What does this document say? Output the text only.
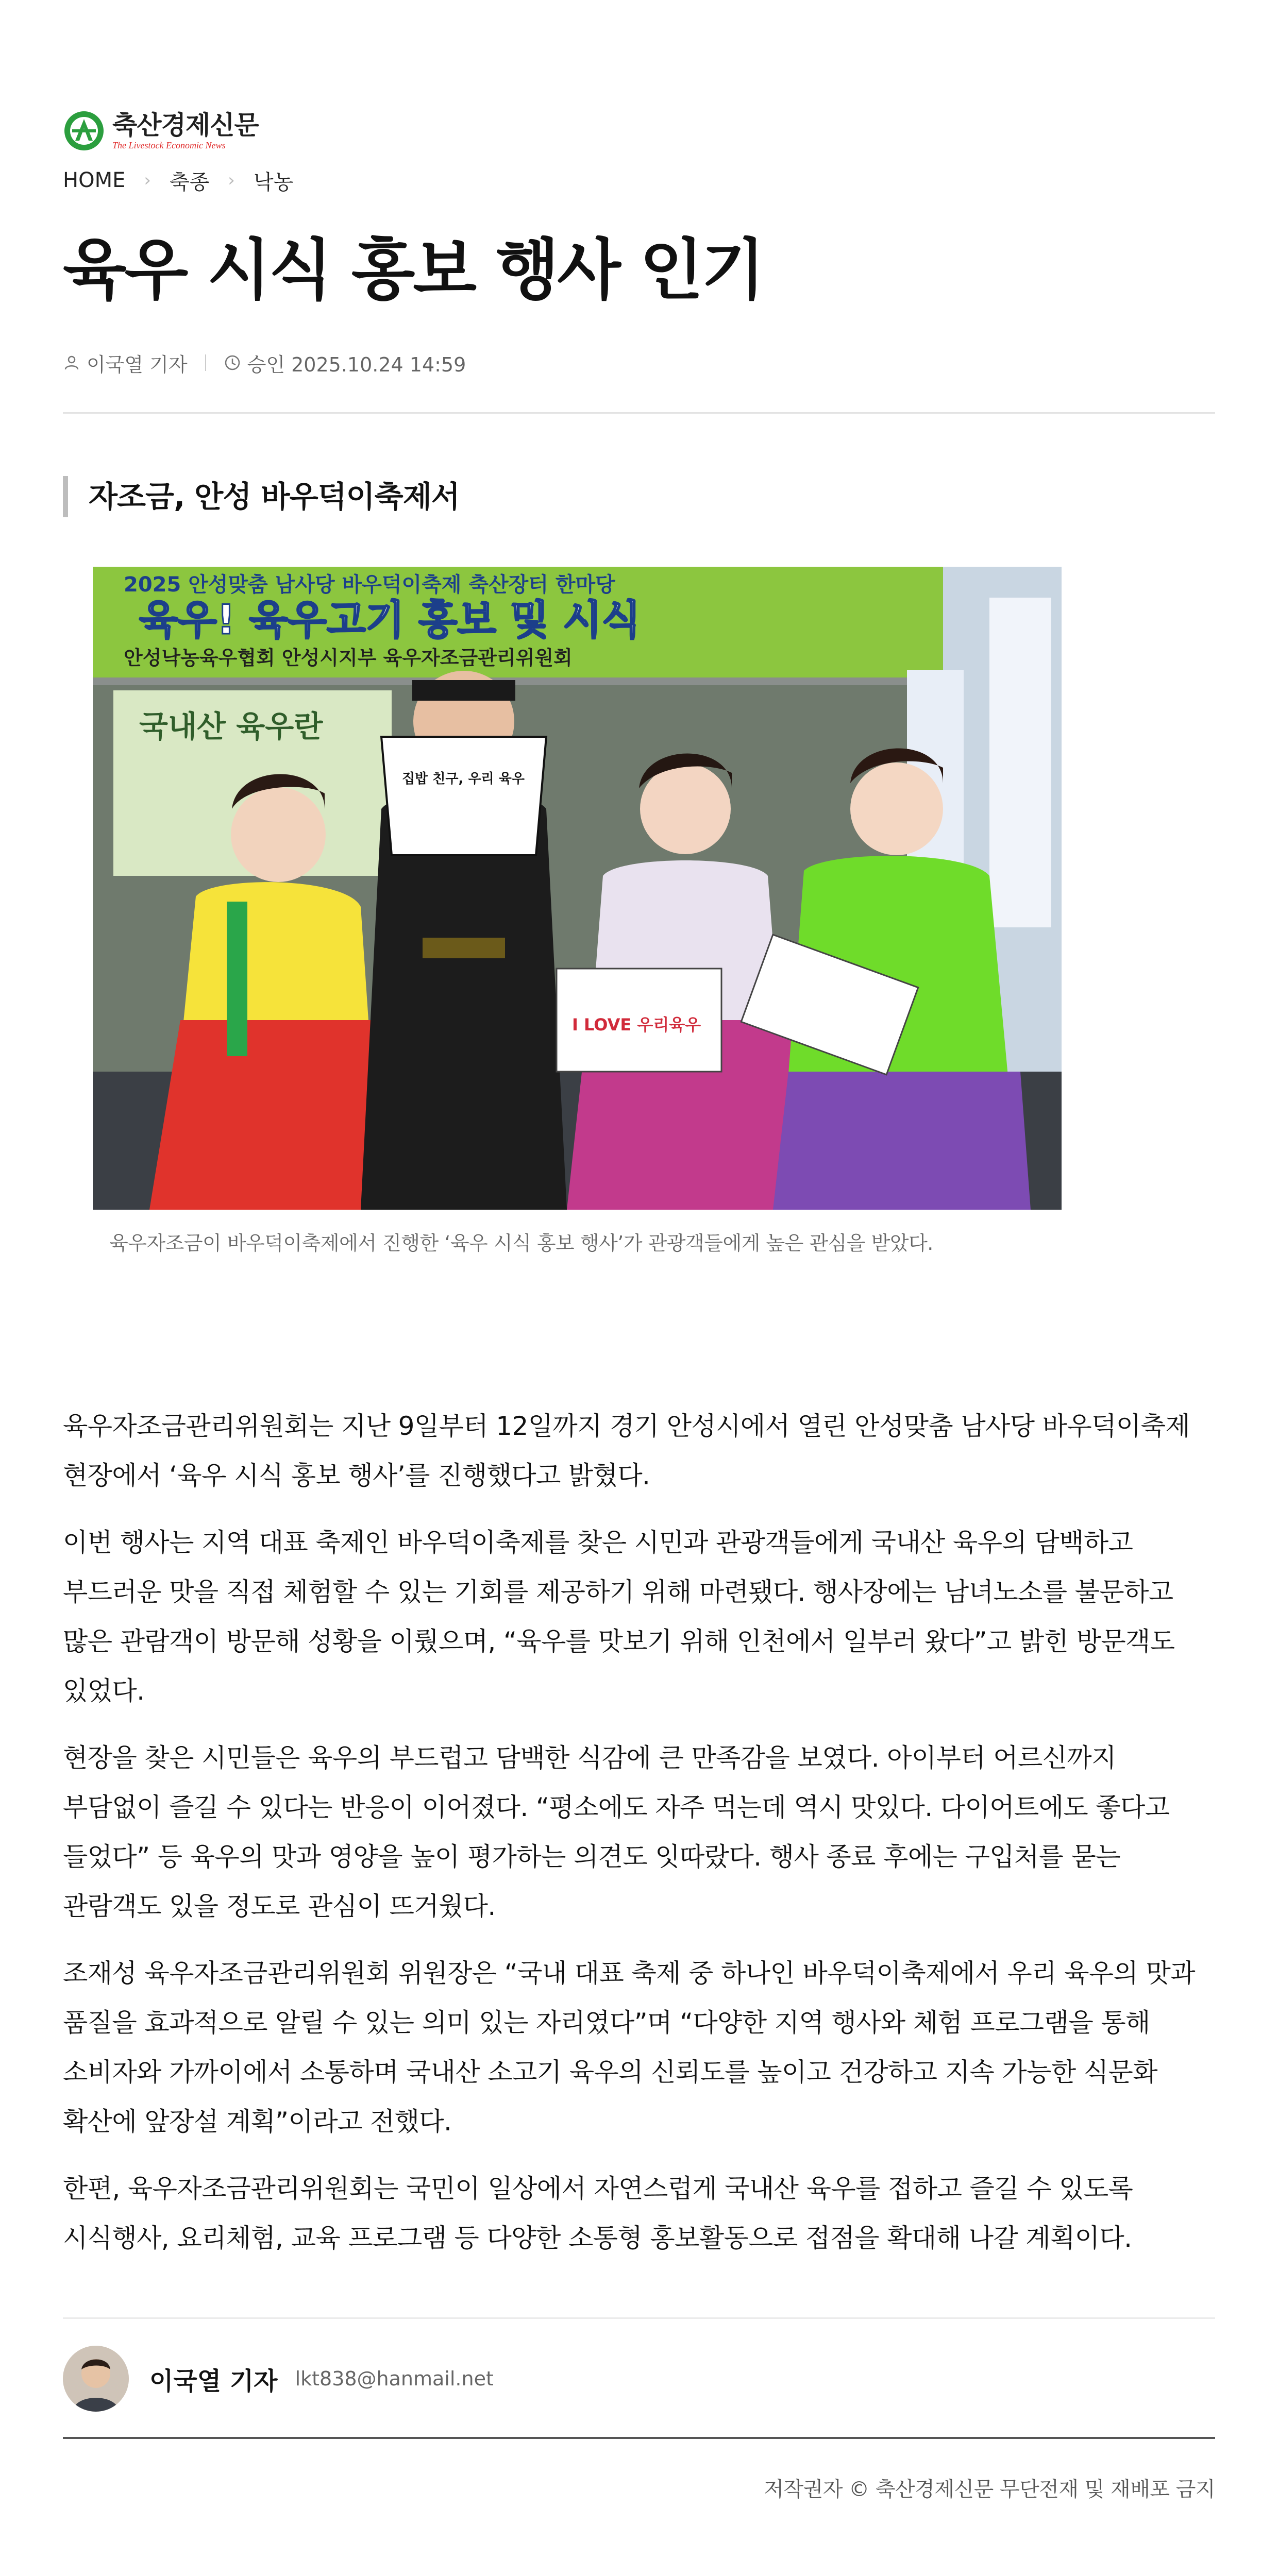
축산경제신문
The Livestock Economic News
HOME › 축종 › 낙농
육우 시식 홍보 행사 인기
이국열 기자	승인 2025.10.24 14:59
자조금, 안성 바우덕이축제서
2025 안성맞춤 남사당 바우덕이축제 축산장터 한마당
육우! 육우고기 홍보 및 시식
안성낙농육우협회 안성시지부 육우자조금관리위원회
국내산 육우란
집밥 친구, 우리 육우
I LOVE 우리육우

육우자조금이 바우덕이축제에서 진행한 ‘육우 시식 홍보 행사’가 관광객들에게 높은 관심을 받았다.

육우자조금관리위원회는 지난 9일부터 12일까지 경기 안성시에서 열린 안성맞춤 남사당 바우덕이축제 현장에서 ‘육우 시식 홍보 행사’를 진행했다고 밝혔다.

이번 행사는 지역 대표 축제인 바우덕이축제를 찾은 시민과 관광객들에게 국내산 육우의 담백하고 부드러운 맛을 직접 체험할 수 있는 기회를 제공하기 위해 마련됐다. 행사장에는 남녀노소를 불문하고 많은 관람객이 방문해 성황을 이뤘으며, “육우를 맛보기 위해 인천에서 일부러 왔다”고 밝힌 방문객도 있었다.

현장을 찾은 시민들은 육우의 부드럽고 담백한 식감에 큰 만족감을 보였다. 아이부터 어르신까지 부담없이 즐길 수 있다는 반응이 이어졌다. “평소에도 자주 먹는데 역시 맛있다. 다이어트에도 좋다고 들었다” 등 육우의 맛과 영양을 높이 평가하는 의견도 잇따랐다. 행사 종료 후에는 구입처를 묻는 관람객도 있을 정도로 관심이 뜨거웠다.

조재성 육우자조금관리위원회 위원장은 “국내 대표 축제 중 하나인 바우덕이축제에서 우리 육우의 맛과 품질을 효과적으로 알릴 수 있는 의미 있는 자리였다”며 “다양한 지역 행사와 체험 프로그램을 통해 소비자와 가까이에서 소통하며 국내산 소고기 육우의 신뢰도를 높이고 건강하고 지속 가능한 식문화 확산에 앞장설 계획”이라고 전했다.

한편, 육우자조금관리위원회는 국민이 일상에서 자연스럽게 국내산 육우를 접하고 즐길 수 있도록 시식행사, 요리체험, 교육 프로그램 등 다양한 소통형 홍보활동으로 접점을 확대해 나갈 계획이다.

이국열 기자 lkt838@hanmail.net

저작권자 © 축산경제신문 무단전재 및 재배포 금지
